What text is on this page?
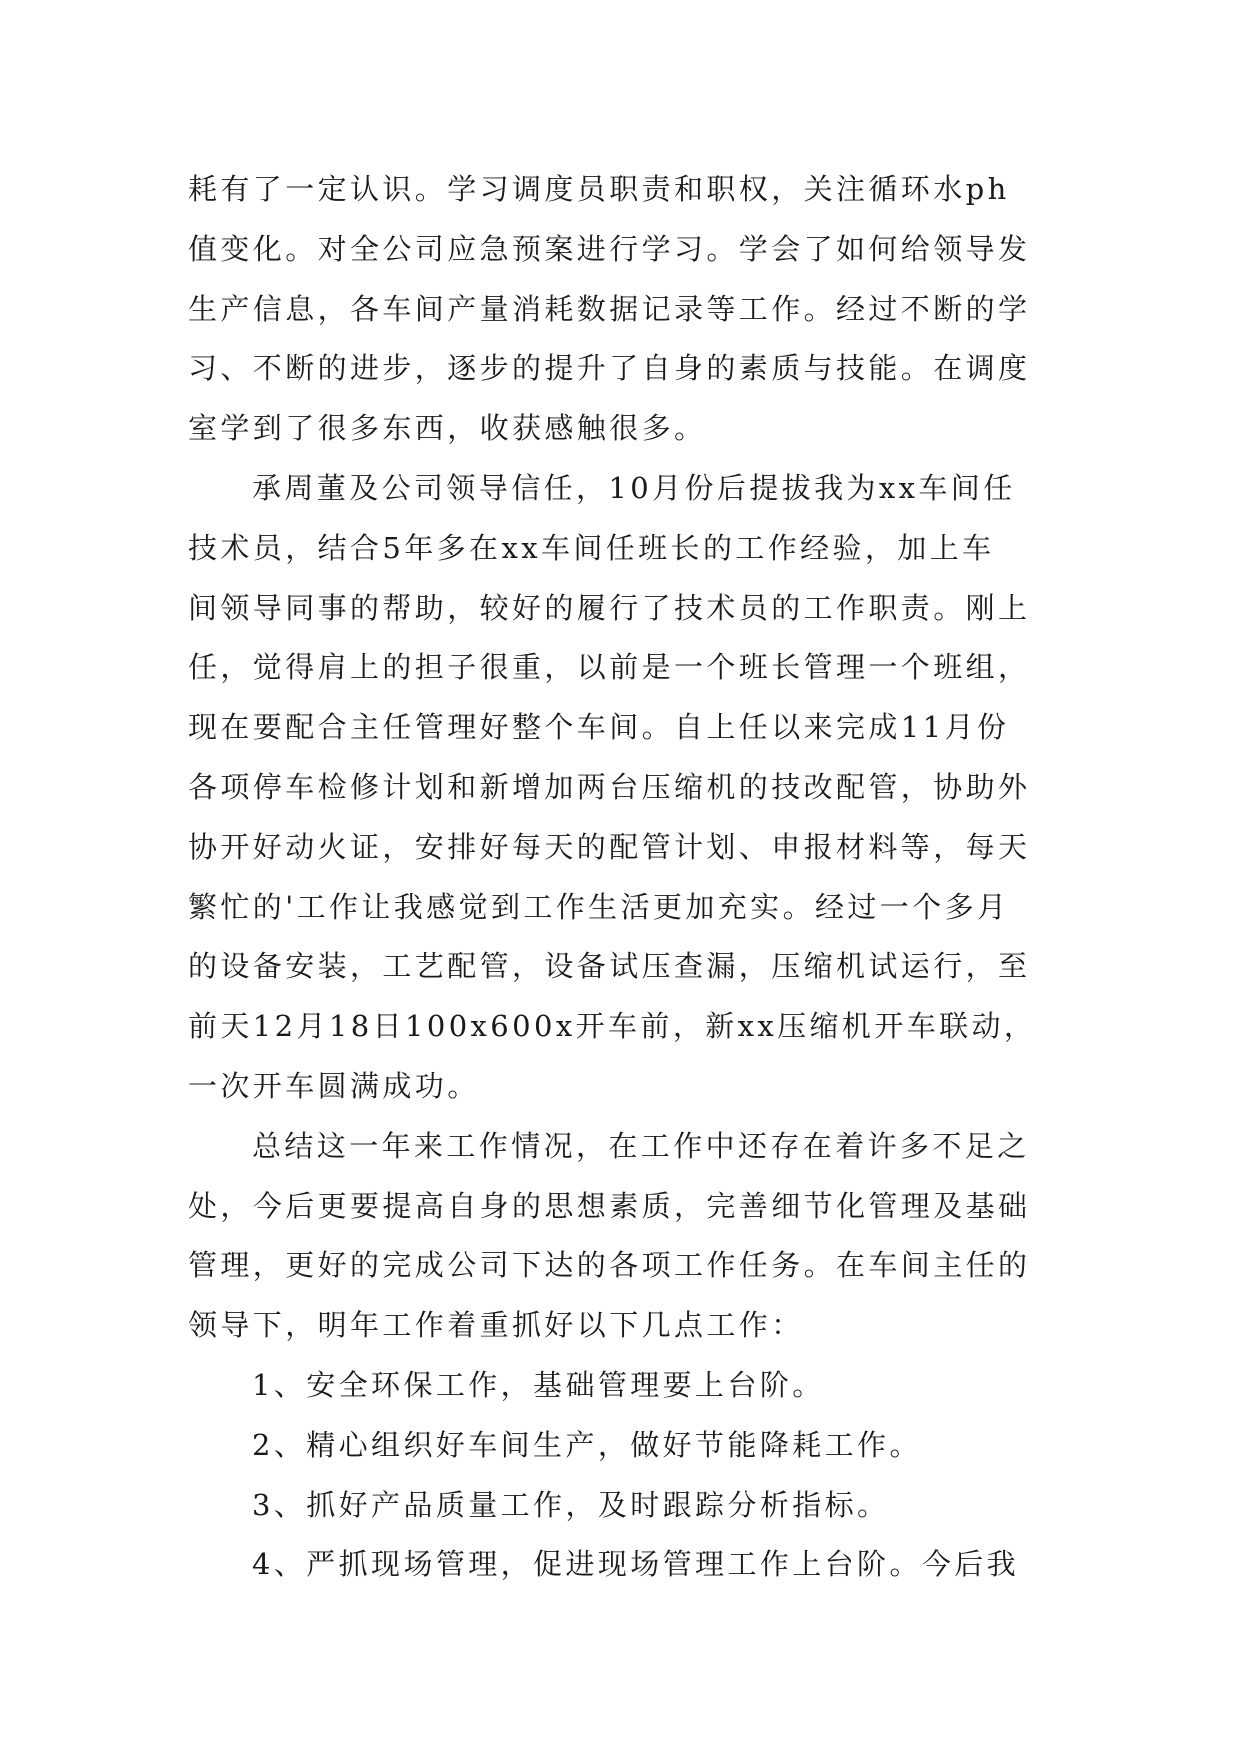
耗有了一定认识。学习调度员职责和职权，关注循环水ph
值变化。对全公司应急预案进行学习。学会了如何给领导发
生产信息，各车间产量消耗数据记录等工作。经过不断的学
习、不断的进步，逐步的提升了自身的素质与技能。在调度
室学到了很多东西，收获感触很多。
承周董及公司领导信任，10月份后提拔我为xx车间任
技术员，结合5年多在xx车间任班长的工作经验，加上车
间领导同事的帮助，较好的履行了技术员的工作职责。刚上
任，觉得肩上的担子很重，以前是一个班长管理一个班组，
现在要配合主任管理好整个车间。自上任以来完成11月份
各项停车检修计划和新增加两台压缩机的技改配管，协助外
协开好动火证，安排好每天的配管计划、申报材料等，每天
繁忙的'工作让我感觉到工作生活更加充实。经过一个多月
的设备安装，工艺配管，设备试压查漏，压缩机试运行，至
前天12月18日100x600x开车前，新xx压缩机开车联动，
一次开车圆满成功。
总结这一年来工作情况，在工作中还存在着许多不足之
处，今后更要提高自身的思想素质，完善细节化管理及基础
管理，更好的完成公司下达的各项工作任务。在车间主任的
领导下，明年工作着重抓好以下几点工作：
1、安全环保工作，基础管理要上台阶。
2、精心组织好车间生产，做好节能降耗工作。
3、抓好产品质量工作，及时跟踪分析指标。
4、严抓现场管理，促进现场管理工作上台阶。今后我
